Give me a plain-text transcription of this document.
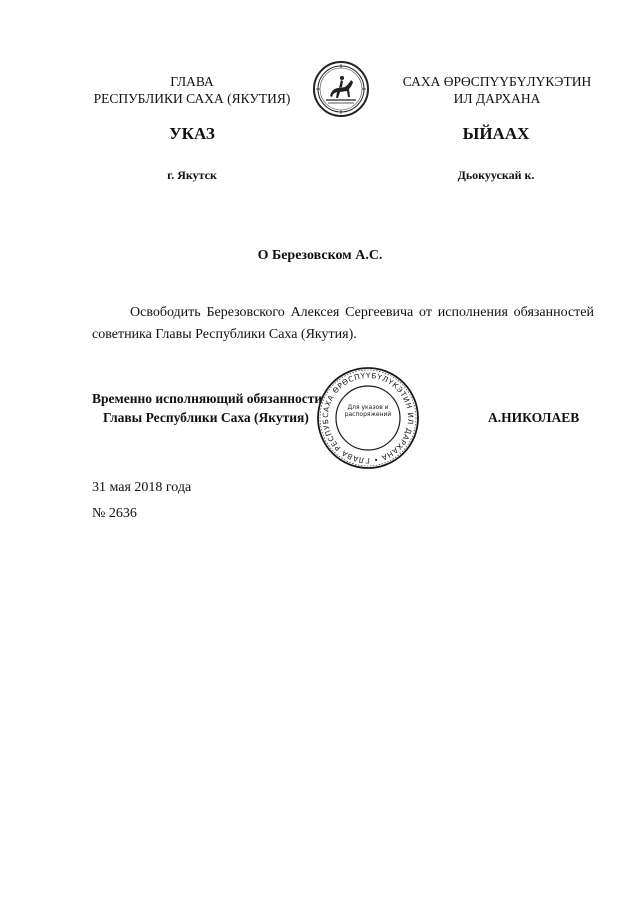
ГЛАВА
РЕСПУБЛИКИ САХА (ЯКУТИЯ)
САХА ӨРӨСПҮҮБҮЛҮКЭТИН
ИЛ ДАРХАНА
УКАЗ	ЫЙААХ
г. Якутск	Дьокуускай к.
О Березовском А.С.
Освободить Березовского Алексея Сергеевича от исполнения обязанностей советника Главы Республики Саха (Якутия).
Временно исполняющий обязанности
Главы Республики Саха (Якутия)	А.НИКОЛАЕВ
САХА ӨРӨСПҮҮБҮЛҮКЭТИН ИЛ ДАРХАНА • ГЛАВА РЕСПУБ
Для указов и распоряжений
31 мая 2018 года
№ 2636
